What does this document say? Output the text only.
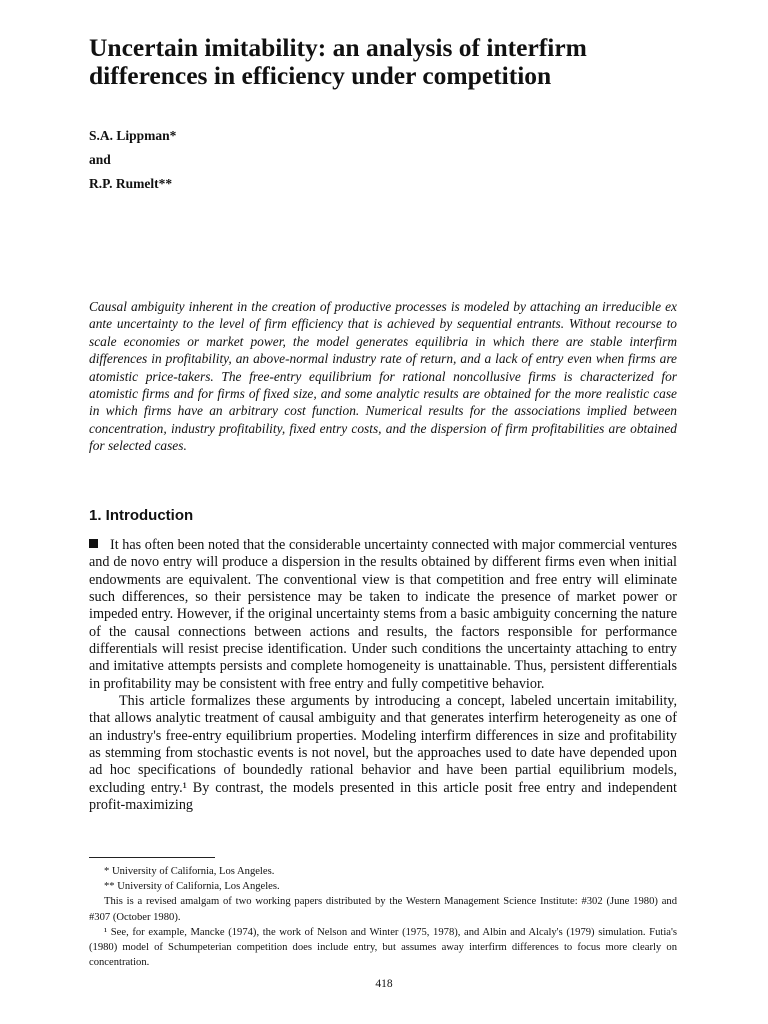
Uncertain imitability: an analysis of interfirm differences in efficiency under competition

S.A. Lippman*

and

R.P. Rumelt**

Causal ambiguity inherent in the creation of productive processes is modeled by attaching an irreducible ex ante uncertainty to the level of firm efficiency that is achieved by sequential entrants. Without recourse to scale economies or market power, the model generates equilibria in which there are stable interfirm differences in profitability, an above-normal industry rate of return, and a lack of entry even when firms are atomistic price-takers. The free-entry equilibrium for rational noncollusive firms is characterized for atomistic firms and for firms of fixed size, and some analytic results are obtained for the more realistic case in which firms have an arbitrary cost function. Numerical results for the associations implied between concentration, industry profitability, fixed entry costs, and the dispersion of firm profitabilities are obtained for selected cases.

1. Introduction

It has often been noted that the considerable uncertainty connected with major commercial ventures and de novo entry will produce a dispersion in the results obtained by different firms even when initial endowments are equivalent. The conventional view is that competition and free entry will eliminate such differences, so their persistence may be taken to indicate the presence of market power or impeded entry. However, if the original uncertainty stems from a basic ambiguity concerning the nature of the causal connections between actions and results, the factors responsible for performance differentials will resist precise identification. Under such conditions the uncertainty attaching to entry and imitative attempts persists and complete homogeneity is unattainable. Thus, persistent differentials in profitability may be consistent with free entry and fully competitive behavior.

This article formalizes these arguments by introducing a concept, labeled uncertain imitability, that allows analytic treatment of causal ambiguity and that generates interfirm heterogeneity as one of an industry's free-entry equilibrium properties. Modeling interfirm differences in size and profitability as stemming from stochastic events is not novel, but the approaches used to date have depended upon ad hoc specifications of boundedly rational behavior and have been partial equilibrium models, excluding entry.¹ By contrast, the models presented in this article posit free entry and independent profit-maximizing

* University of California, Los Angeles.

** University of California, Los Angeles.

This is a revised amalgam of two working papers distributed by the Western Management Science Institute: #302 (June 1980) and #307 (October 1980).

¹ See, for example, Mancke (1974), the work of Nelson and Winter (1975, 1978), and Albin and Alcaly's (1979) simulation. Futia's (1980) model of Schumpeterian competition does include entry, but assumes away interfirm differences to focus more clearly on concentration.

418
